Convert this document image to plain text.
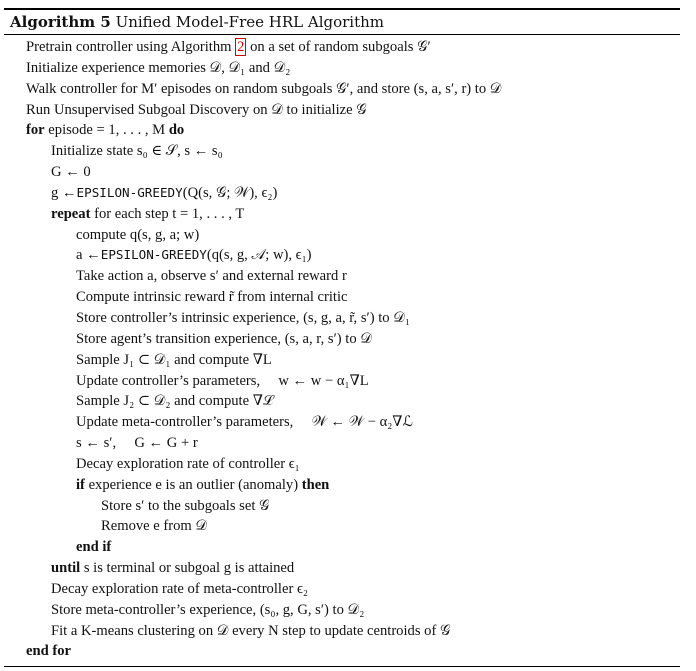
Algorithm 5 Unified Model-Free HRL Algorithm
Pretrain controller using Algorithm 2 on a set of random subgoals 𝒢′
Initialize experience memories 𝒟, 𝒟₁ and 𝒟₂
Walk controller for M′ episodes on random subgoals 𝒢′, and store (s, a, s′, r) to 𝒟
Run Unsupervised Subgoal Discovery on 𝒟 to initialize 𝒢
for episode = 1, . . . , M do
Initialize state s₀ ∈ 𝒮, s ← s₀
G ← 0
g ←EPSILON-GREEDY(Q(s, 𝒢; 𝒲), ϵ₂)
repeat for each step t = 1, . . . , T
compute q(s, g, a; w)
a ←EPSILON-GREEDY(q(s, g, 𝒜; w), ϵ₁)
Take action a, observe s′ and external reward r
Compute intrinsic reward r̃ from internal critic
Store controller’s intrinsic experience, (s, g, a, r̃, s′) to 𝒟₁
Store agent’s transition experience, (s, a, r, s′) to 𝒟
Sample J₁ ⊂ 𝒟₁ and compute ∇L
Update controller’s parameters,     w ← w − α₁∇L
Sample J₂ ⊂ 𝒟₂ and compute ∇ℒ
Update meta-controller’s parameters,     𝒲 ← 𝒲 − α₂∇ℒ
s ← s′,     G ← G + r
Decay exploration rate of controller ϵ₁
if experience e is an outlier (anomaly) then
Store s′ to the subgoals set 𝒢
Remove e from 𝒟
end if
until s is terminal or subgoal g is attained
Decay exploration rate of meta-controller ϵ₂
Store meta-controller’s experience, (s₀, g, G, s′) to 𝒟₂
Fit a K-means clustering on 𝒟 every N step to update centroids of 𝒢
end for
